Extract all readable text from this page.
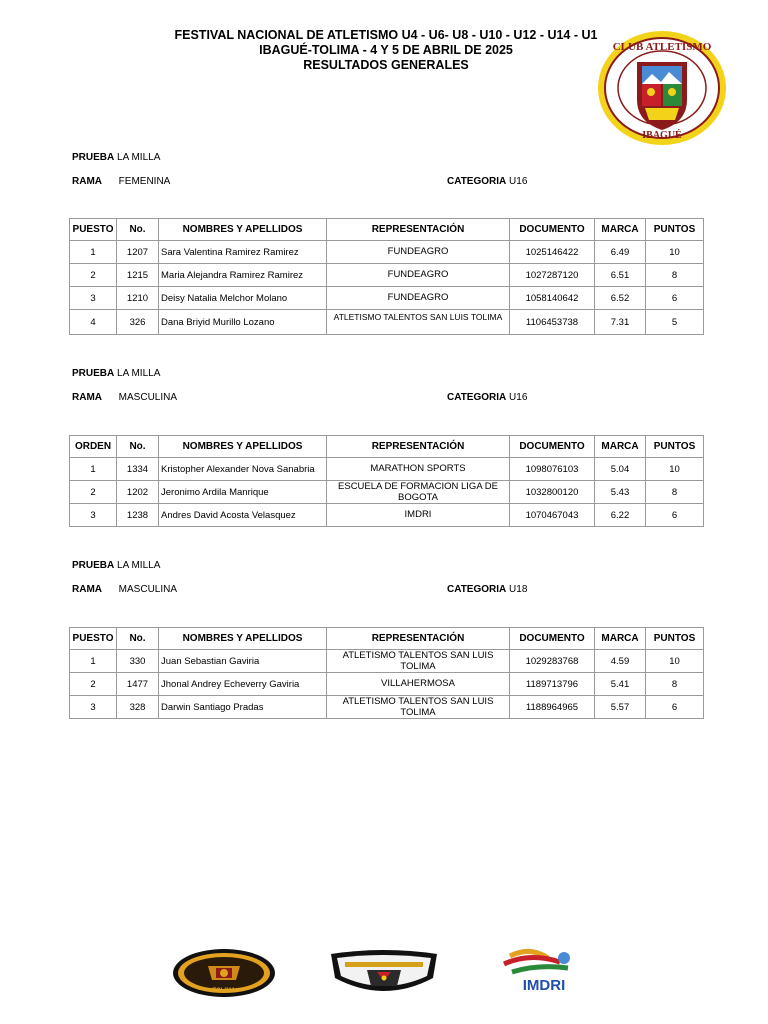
FESTIVAL NACIONAL DE ATLETISMO U4 - U6- U8 - U10 - U12 - U14 - U1
IBAGUÉ-TOLIMA - 4 Y 5 DE ABRIL DE 2025
RESULTADOS GENERALES
CLUB ATLETISMO
IBAGUÉ
PRUEBA LA MILLA
RAMA FEMENINA	CATEGORIA U16
PUESTO	No.	NOMBRES Y APELLIDOS	REPRESENTACIÓN	DOCUMENTO	MARCA	PUNTOS
1	1207	Sara Valentina Ramirez Ramirez	FUNDEAGRO	1025146422	6.49	10
2	1215	Maria Alejandra Ramirez Ramirez	FUNDEAGRO	1027287120	6.51	8
3	1210	Deisy Natalia Melchor Molano	FUNDEAGRO	1058140642	6.52	6
4	326	Dana Briyid Murillo Lozano	ATLETISMO TALENTOS SAN LUIS TOLIMA	1106453738	7.31	5
PRUEBA LA MILLA
RAMA MASCULINA	CATEGORIA U16
ORDEN	No.	NOMBRES Y APELLIDOS	REPRESENTACIÓN	DOCUMENTO	MARCA	PUNTOS
1	1334	Kristopher Alexander Nova Sanabria	MARATHON SPORTS	1098076103	5.04	10
2	1202	Jeronimo Ardila Manrique	ESCUELA DE FORMACION LIGA DE
BOGOTA	1032800120	5.43	8
3	1238	Andres David Acosta Velasquez	IMDRI	1070467043	6.22	6
PRUEBA LA MILLA
RAMA MASCULINA	CATEGORIA U18
PUESTO	No.	NOMBRES Y APELLIDOS	REPRESENTACIÓN	DOCUMENTO	MARCA	PUNTOS
1	330	Juan Sebastian Gaviria	ATLETISMO TALENTOS SAN LUIS
TOLIMA	1029283768	4.59	10
2	1477	Jhonal Andrey Echeverry Gaviria	VILLAHERMOSA	1189713796	5.41	8
3	328	Darwin Santiago Pradas	ATLETISMO TALENTOS SAN LUIS
TOLIMA	1188964965	5.57	6
TOLIMA	IMDRI
